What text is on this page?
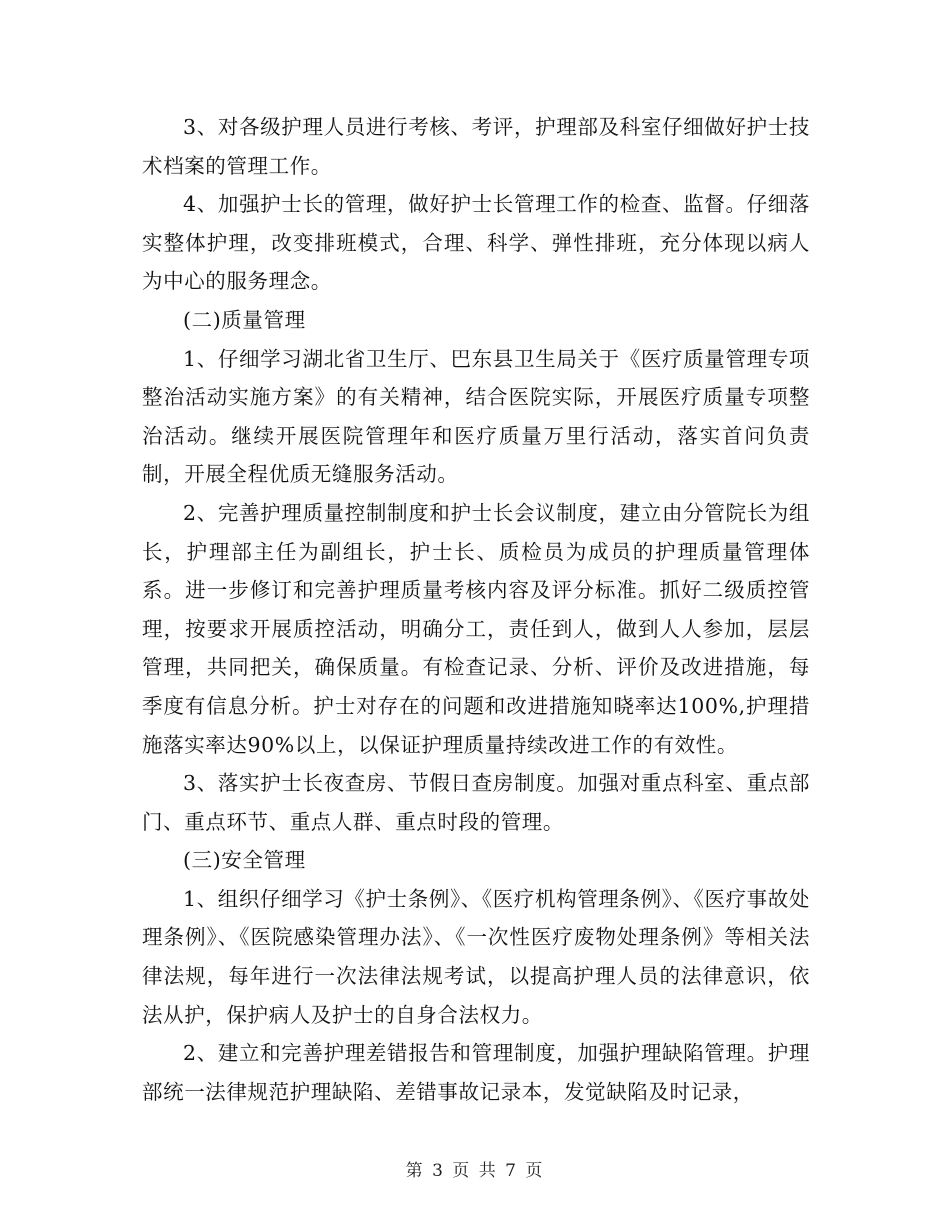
3、对各级护理人员进行考核、考评，护理部及科室仔细做好护士技术档案的管理工作。

4、加强护士长的管理，做好护士长管理工作的检查、监督。仔细落实整体护理，改变排班模式，合理、科学、弹性排班，充分体现以病人为中心的服务理念。

(二)质量管理

1、仔细学习湖北省卫生厅、巴东县卫生局关于《医疗质量管理专项整治活动实施方案》的有关精神，结合医院实际，开展医疗质量专项整治活动。继续开展医院管理年和医疗质量万里行活动，落实首问负责制，开展全程优质无缝服务活动。

2、完善护理质量控制制度和护士长会议制度，建立由分管院长为组长，护理部主任为副组长，护士长、质检员为成员的护理质量管理体系。进一步修订和完善护理质量考核内容及评分标准。抓好二级质控管理，按要求开展质控活动，明确分工，责任到人，做到人人参加，层层管理，共同把关，确保质量。有检查记录、分析、评价及改进措施，每季度有信息分析。护士对存在的问题和改进措施知晓率达100%,护理措施落实率达90%以上，以保证护理质量持续改进工作的有效性。

3、落实护士长夜查房、节假日查房制度。加强对重点科室、重点部门、重点环节、重点人群、重点时段的管理。

(三)安全管理

1、组织仔细学习《护士条例》、《医疗机构管理条例》、《医疗事故处理条例》、《医院感染管理办法》、《一次性医疗废物处理条例》等相关法律法规，每年进行一次法律法规考试，以提高护理人员的法律意识，依法从护，保护病人及护士的自身合法权力。

2、建立和完善护理差错报告和管理制度，加强护理缺陷管理。护理部统一法律规范护理缺陷、差错事故记录本，发觉缺陷及时记录，

第 3 页 共 7 页
